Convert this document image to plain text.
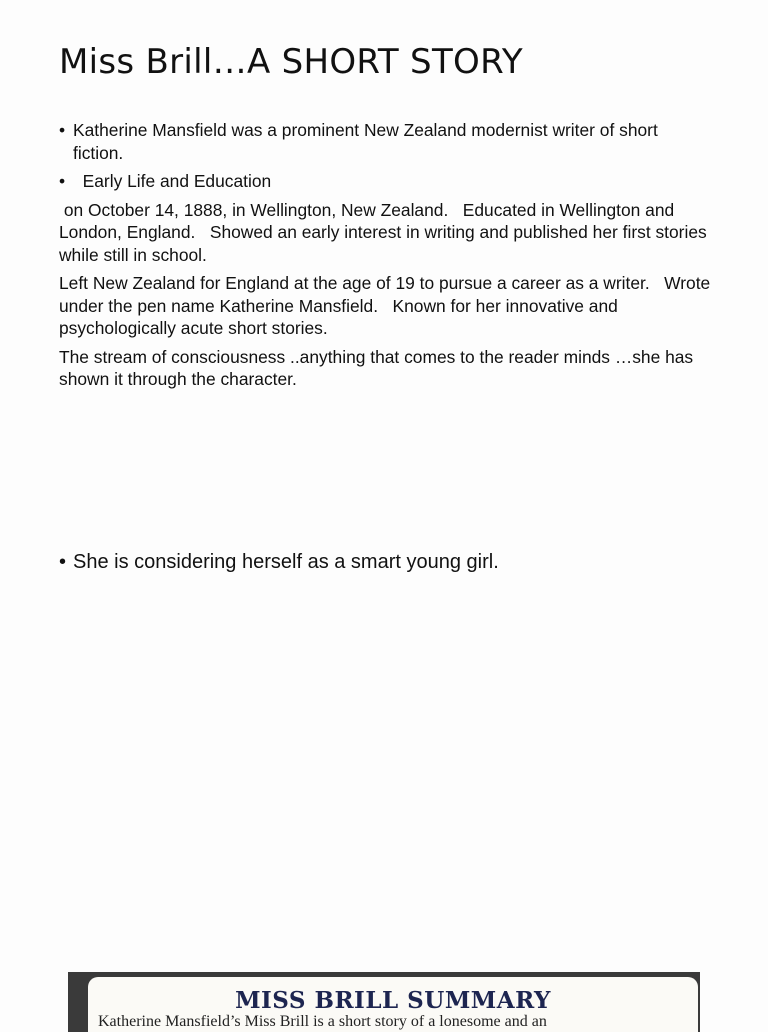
Miss Brill…A SHORT STORY
• Katherine Mansfield was a prominent New Zealand modernist writer of short fiction.
• Early Life and Education

on October 14, 1888, in Wellington, New Zealand.   Educated in Wellington and London, England.   Showed an early interest in writing and published her first stories while still in school.

Left New Zealand for England at the age of 19 to pursue a career as a writer.   Wrote under the pen name Katherine Mansfield.   Known for her innovative and psychologically acute short stories.

The stream of consciousness ..anything that comes to the reader minds …she has shown it through the character.

• She is considering herself as a smart young girl.
MISS BRILL SUMMARY
Katherine Mansfield’s Miss Brill is a short story of a lonesome and an
